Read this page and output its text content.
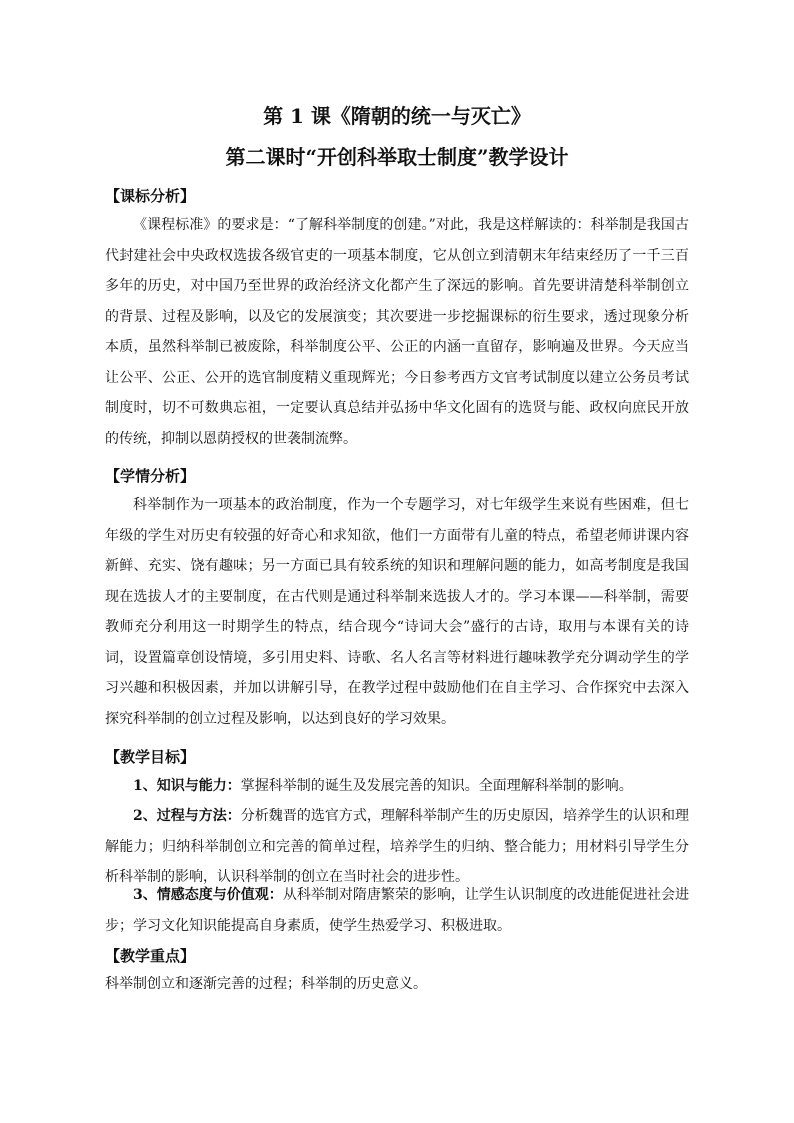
第 1 课《隋朝的统一与灭亡》
第二课时“开创科举取士制度”教学设计
【课标分析】
《课程标准》的要求是：“了解科举制度的创建。”对此，我是这样解读的：科举制是我国古代封建社会中央政权选拔各级官吏的一项基本制度，它从创立到清朝末年结束经历了一千三百多年的历史，对中国乃至世界的政治经济文化都产生了深远的影响。首先要讲清楚科举制创立的背景、过程及影响，以及它的发展演变；其次要进一步挖掘课标的衍生要求，透过现象分析本质，虽然科举制已被废除，科举制度公平、公正的内涵一直留存，影响遍及世界。今天应当让公平、公正、公开的选官制度精义重现辉光；今日参考西方文官考试制度以建立公务员考试制度时，切不可数典忘祖，一定要认真总结并弘扬中华文化固有的选贤与能、政权向庶民开放的传统，抑制以恩荫授权的世袭制流弊。
【学情分析】
科举制作为一项基本的政治制度，作为一个专题学习，对七年级学生来说有些困难，但七年级的学生对历史有较强的好奇心和求知欲，他们一方面带有儿童的特点，希望老师讲课内容新鲜、充实、饶有趣味；另一方面已具有较系统的知识和理解问题的能力，如高考制度是我国现在选拔人才的主要制度，在古代则是通过科举制来选拔人才的。学习本课——科举制，需要教师充分利用这一时期学生的特点，结合现今“诗词大会”盛行的古诗，取用与本课有关的诗词，设置篇章创设情境，多引用史料、诗歌、名人名言等材料进行趣味教学充分调动学生的学习兴趣和积极因素，并加以讲解引导，在教学过程中鼓励他们在自主学习、合作探究中去深入探究科举制的创立过程及影响，以达到良好的学习效果。
【教学目标】
1、知识与能力：掌握科举制的诞生及发展完善的知识。全面理解科举制的影响。
2、过程与方法：分析魏晋的选官方式，理解科举制产生的历史原因，培养学生的认识和理解能力；归纳科举制创立和完善的简单过程，培养学生的归纳、整合能力；用材料引导学生分析科举制的影响，认识科举制的创立在当时社会的进步性。
3、情感态度与价值观：从科举制对隋唐繁荣的影响，让学生认识制度的改进能促进社会进步；学习文化知识能提高自身素质，使学生热爱学习、积极进取。
【教学重点】
科举制创立和逐渐完善的过程；科举制的历史意义。
